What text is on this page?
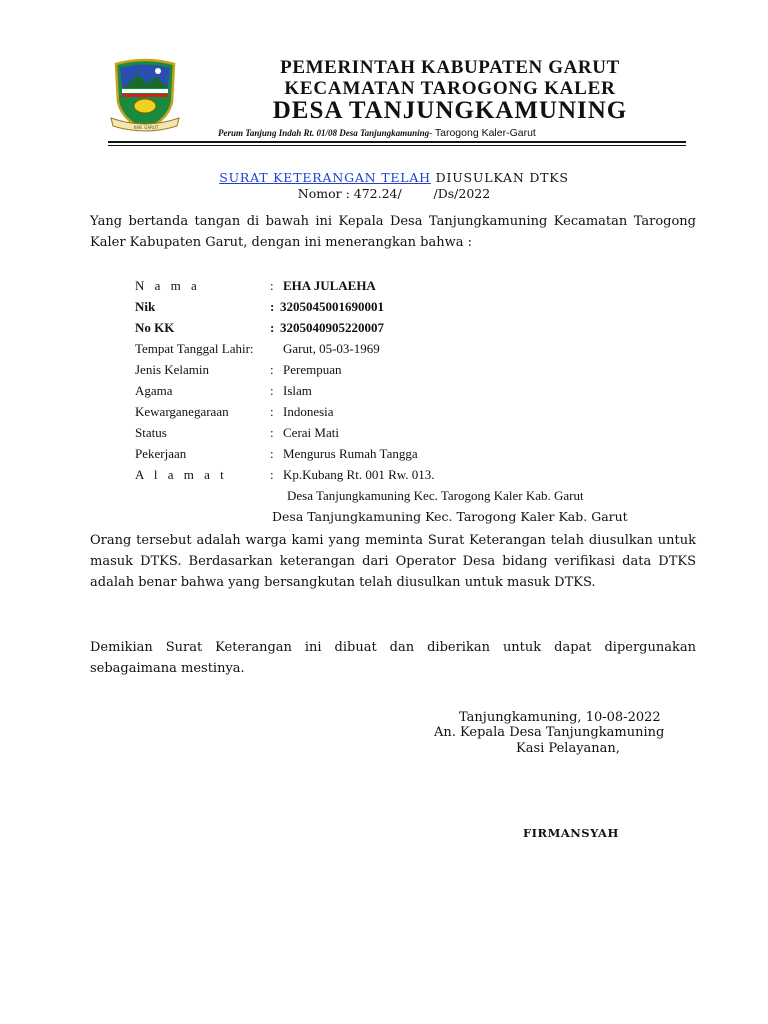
KAB. GARUT
PEMERINTAH KABUPATEN GARUT
KECAMATAN TAROGONG KALER
DESA TANJUNGKAMUNING
Perum Tanjung Indah Rt. 01/08 Desa Tanjungkamuning- Tarogong Kaler-Garut
SURAT KETERANGAN TELAH DIUSULKAN DTKS
Nomor : 472.24/        /Ds/2022
Yang bertanda tangan di bawah ini Kepala Desa Tanjungkamuning Kecamatan Tarogong Kaler Kabupaten Garut, dengan ini menerangkan bahwa :
N a m a	: EHA JULAEHA
Nik	: 3205045001690001
No KK	: 3205040905220007
Tempat Tanggal Lahir: Garut, 05-03-1969
Jenis Kelamin	: Perempuan
Agama	: Islam
Kewarganegaraan	: Indonesia
Status	: Cerai Mati
Pekerjaan	: Mengurus Rumah Tangga
A l a m a t	: Kp.Kubang Rt. 001 Rw. 013.
Desa Tanjungkamuning Kec. Tarogong Kaler Kab. Garut
Desa Tanjungkamuning Kec. Tarogong Kaler Kab. Garut
Orang tersebut adalah warga kami yang meminta Surat Keterangan telah diusulkan untuk masuk DTKS. Berdasarkan keterangan dari Operator Desa bidang verifikasi data DTKS adalah benar bahwa yang bersangkutan telah diusulkan untuk masuk DTKS.
Demikian Surat Keterangan ini dibuat dan diberikan untuk dapat dipergunakan sebagaimana mestinya.
Tanjungkamuning, 10-08-2022
An. Kepala Desa Tanjungkamuning
Kasi Pelayanan,
FIRMANSYAH
